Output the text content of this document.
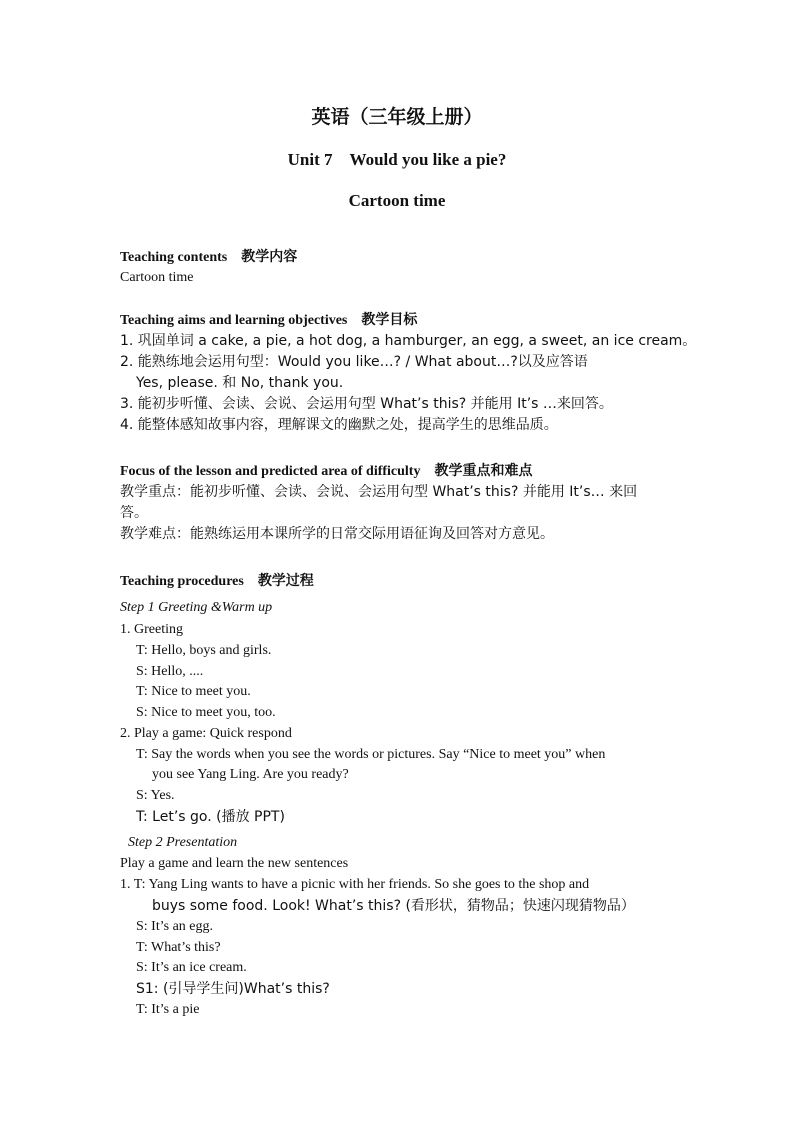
英语（三年级上册）
Unit 7　Would you like a pie?
Cartoon time
Teaching contents 教学内容
Cartoon time
Teaching aims and learning objectives 教学目标
1. 巩固单词 a cake, a pie, a hot dog, a hamburger, an egg, a sweet, an ice cream。
2. 能熟练地会运用句型：Would you like…? / What about…?以及应答语
Yes, please. 和 No, thank you.
3. 能初步听懂、会读、会说、会运用句型 What’s this? 并能用 It’s …来回答。
4. 能整体感知故事内容，理解课文的幽默之处，提高学生的思维品质。
Focus of the lesson and predicted area of difficulty 教学重点和难点
教学重点：能初步听懂、会读、会说、会运用句型 What’s this? 并能用 It’s… 来回
答。
教学难点：能熟练运用本课所学的日常交际用语征询及回答对方意见。
Teaching procedures 教学过程
Step 1 Greeting &Warm up
1. Greeting
T: Hello, boys and girls.
S: Hello, ....
T: Nice to meet you.
S: Nice to meet you, too.
2. Play a game: Quick respond
T: Say the words when you see the words or pictures. Say “Nice to meet you” when
you see Yang Ling. Are you ready?
S: Yes.
T: Let’s go. (播放 PPT)
Step 2 Presentation
Play a game and learn the new sentences
1. T: Yang Ling wants to have a picnic with her friends. So she goes to the shop and
buys some food. Look! What’s this? (看形状，猜物品；快速闪现猜物品）
S: It’s an egg.
T: What’s this?
S: It’s an ice cream.
S1: (引导学生问)What’s this?
T: It’s a pie
